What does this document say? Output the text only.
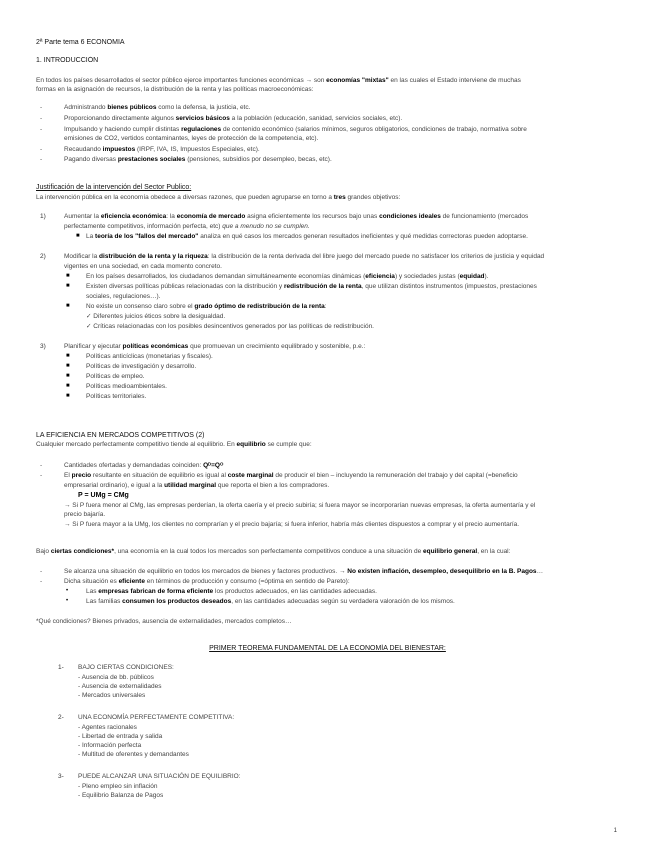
2ª Parte tema 6 ECONOMIA
1. INTRODUCCIÓN
En todos los países desarrollados el sector público ejerce importantes funciones económicas → son economías "mixtas" en las cuales el Estado interviene de muchas
formas en la asignación de recursos, la distribución de la renta y las políticas macroeconómicas:
-	Administrando bienes públicos como la defensa, la justicia, etc.
-	Proporcionando directamente algunos servicios básicos a la población (educación, sanidad, servicios sociales, etc).
-	Impulsando y haciendo cumplir distintas regulaciones de contenido económico (salarios mínimos, seguros obligatorios, condiciones de trabajo, normativa sobre
emisiones de CO2, vertidos contaminantes, leyes de protección de la competencia, etc).
-	Recaudando impuestos (IRPF, IVA, IS, Impuestos Especiales, etc).
-	Pagando diversas prestaciones sociales (pensiones, subsidios por desempleo, becas, etc).
Justificación de la intervención del Sector Publico:
La intervención pública en la economía obedece a diversas razones, que pueden agruparse en torno a tres grandes objetivos:
1)	Aumentar la eficiencia económica: la economía de mercado asigna eficientemente los recursos bajo unas condiciones ideales de funcionamiento (mercados
perfectamente competitivos, información perfecta, etc) que a menudo no se cumplen.
■ La teoría de los "fallos del mercado" analiza en qué casos los mercados generan resultados ineficientes y qué medidas correctoras pueden adoptarse.
2)	Modificar la distribución de la renta y la riqueza: la distribución de la renta derivada del libre juego del mercado puede no satisfacer los criterios de justicia y equidad
vigentes en una sociedad, en cada momento concreto.
■	En los países desarrollados, los ciudadanos demandan simultáneamente economías dinámicas (eficiencia) y sociedades justas (equidad).
■	Existen diversas políticas públicas relacionadas con la distribución y redistribución de la renta, que utilizan distintos instrumentos (impuestos, prestaciones
sociales, regulaciones…).
■	No existe un consenso claro sobre el grado óptimo de redistribución de la renta:
✓ Diferentes juicios éticos sobre la desigualdad.
✓ Críticas relacionadas con los posibles desincentivos generados por las políticas de redistribución.
3)	Planificar y ejecutar políticas económicas que promuevan un crecimiento equilibrado y sostenible, p.e.:
■	Políticas anticíclicas (monetarias y fiscales).
■	Políticas de investigación y desarrollo.
■	Políticas de empleo.
■	Políticas medioambientales.
■	Políticas territoriales.
LA EFICIENCIA EN MERCADOS COMPETITIVOS (2)
Cualquier mercado perfectamente competitivo tiende al equilibrio. En equilibrio se cumple que:
-	Cantidades ofertadas y demandadas coinciden: Qᴰ=Qᴼ
-	El precio resultante en situación de equilibrio es igual al coste marginal de producir el bien – incluyendo la remuneración del trabajo y del capital (=beneficio
empresarial ordinario), e igual a la utilidad marginal que reporta el bien a los compradores.
P = UMg = CMg
→ Si P fuera menor al CMg, las empresas perderían, la oferta caería y el precio subiría; si fuera mayor se incorporarían nuevas empresas, la oferta aumentaría y el
precio bajaría.
→ Si P fuera mayor a la UMg, los clientes no comprarían y el precio bajaría; si fuera inferior, habría más clientes dispuestos a comprar y el precio aumentaría.
Bajo ciertas condiciones*, una economía en la cual todos los mercados son perfectamente competitivos conduce a una situación de equilibrio general, en la cual:
-	Se alcanza una situación de equilibrio en todos los mercados de bienes y factores productivos. → No existen inflación, desempleo, desequilibrio en la B. Pagos…
-	Dicha situación es eficiente en términos de producción y consumo (=óptima en sentido de Pareto):
•	Las empresas fabrican de forma eficiente los productos adecuados, en las cantidades adecuadas.
•	Las familias consumen los productos deseados, en las cantidades adecuadas según su verdadera valoración de los mismos.
*Qué condiciones? Bienes privados, ausencia de externalidades, mercados completos…
PRIMER TEOREMA FUNDAMENTAL DE LA ECONOMÍA DEL BIENESTAR:
1-	BAJO CIERTAS CONDICIONES:
- Ausencia de bb. públicos
- Ausencia de externalidades
- Mercados universales
2-	UNA ECONOMÍA PERFECTAMENTE COMPETITIVA:
- Agentes racionales
- Libertad de entrada y salida
- Información perfecta
- Multitud de oferentes y demandantes
3-	PUEDE ALCANZAR UNA SITUACIÓN DE EQUILIBRIO:
- Pleno empleo sin inflación
- Equilibrio Balanza de Pagos
1
